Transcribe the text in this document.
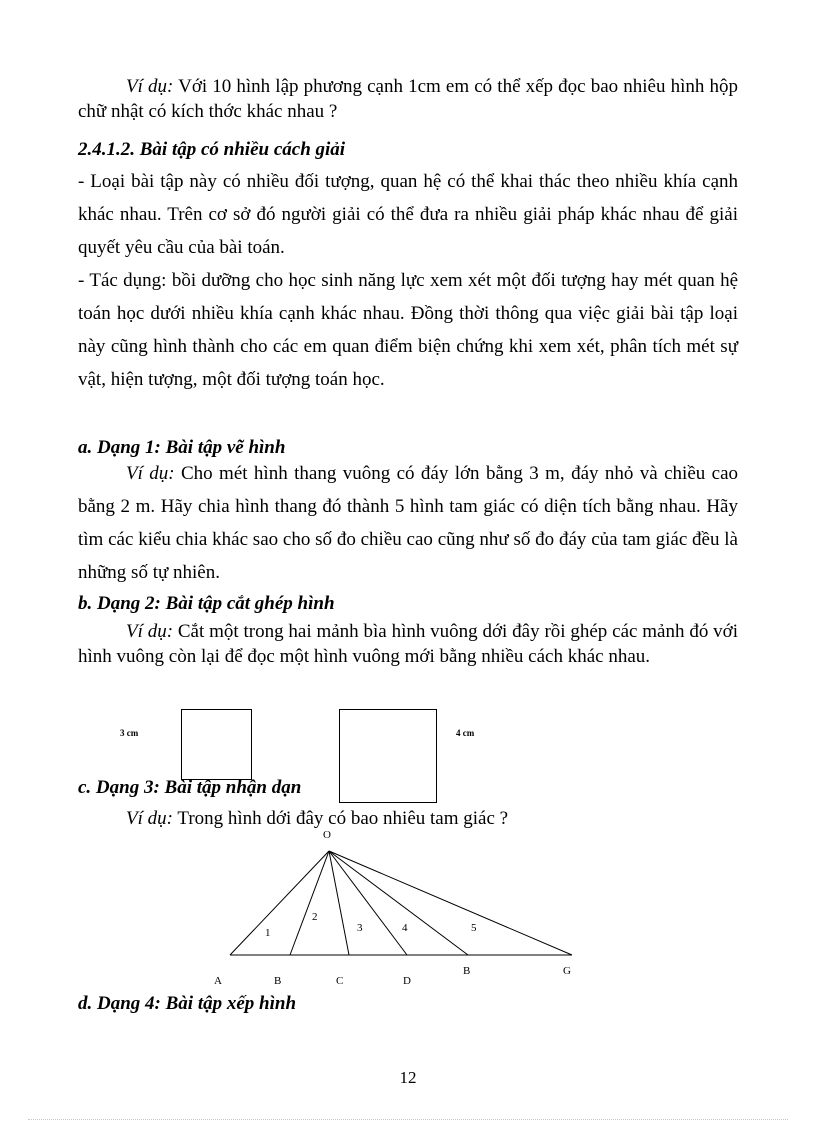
Ví dụ: Với 10 hình lập phương cạnh 1cm em có thể xếp đọc bao nhiêu hình hộp chữ nhật có kích thớc khác nhau ?

2.4.1.2. Bài tập có nhiều cách giải

- Loại bài tập này có nhiều đối tượng, quan hệ có thể khai thác theo nhiều khía cạnh khác nhau. Trên cơ sở đó người giải có thể đưa ra nhiều giải pháp khác nhau để giải quyết yêu cầu của bài toán.

- Tác dụng: bồi dưỡng cho học sinh năng lực xem xét một đối tượng hay mét quan hệ toán học dưới nhiều khía cạnh khác nhau. Đồng thời thông qua việc giải bài tập loại này cũng hình thành cho các em quan điểm biện chứng khi xem xét, phân tích mét sự vật, hiện tượng, một đối tượng toán học.

a. Dạng 1: Bài tập vẽ hình

Ví dụ: Cho mét hình thang vuông có đáy lớn bằng 3 m, đáy nhỏ và chiều cao bằng 2 m. Hãy chia hình thang đó thành 5 hình tam giác có diện tích bằng nhau. Hãy tìm các kiểu chia khác sao cho số đo chiều cao cũng như số đo đáy của tam giác đều là những số tự nhiên.

b. Dạng 2: Bài tập cắt ghép hình

Ví dụ: Cắt một trong hai mảnh bìa hình vuông dới đây rồi ghép các mảnh đó với hình vuông còn lại để đọc một hình vuông mới bằng nhiều cách khác nhau.

3 cm	4 cm

c. Dạng 3: Bài tập nhận dạn

Ví dụ: Trong hình dới đây có bao nhiêu tam giác ?

O
1
2
3	4	5
A	B	C	D
B	G

d. Dạng 4: Bài tập xếp hình

12
